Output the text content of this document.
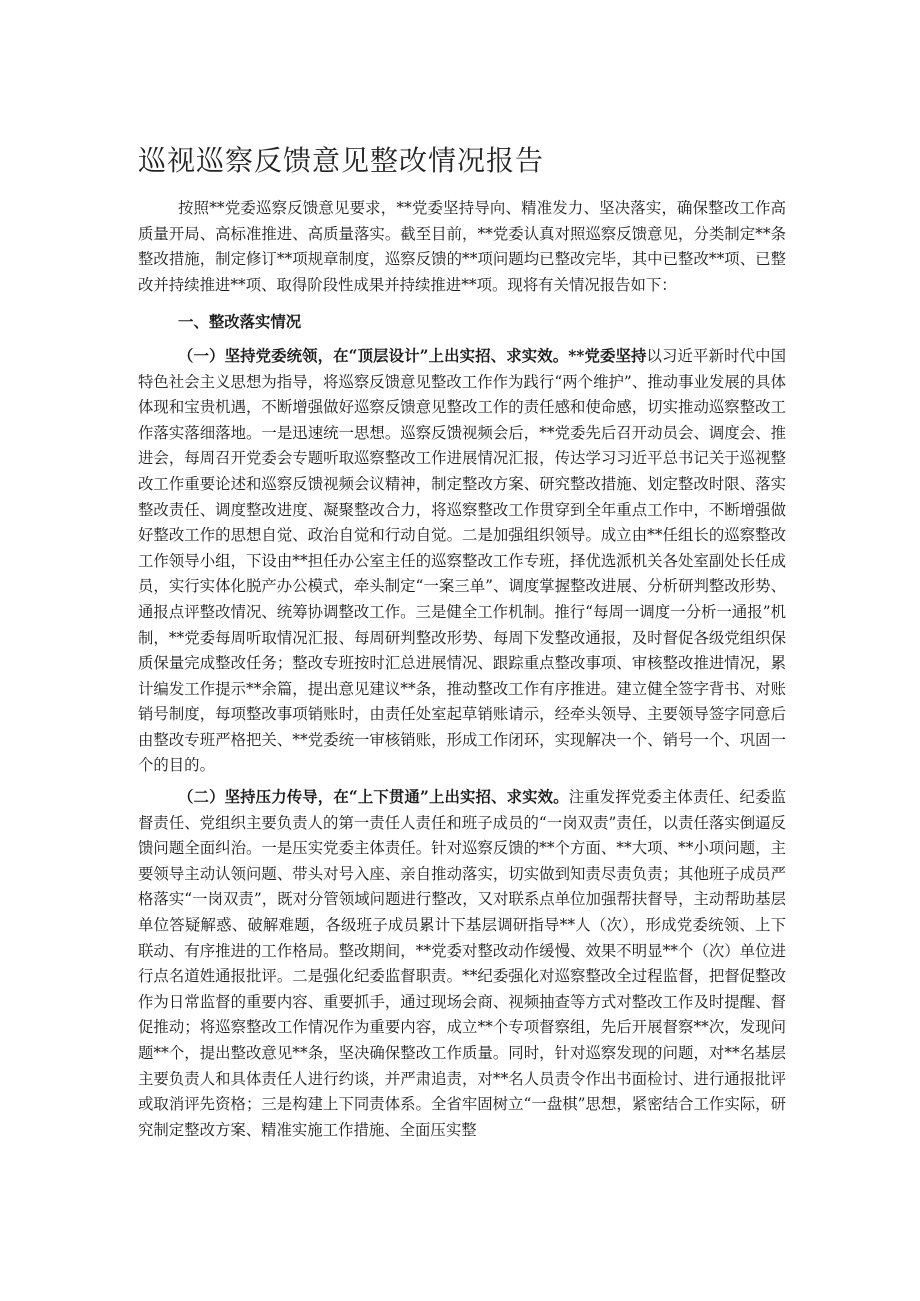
巡视巡察反馈意见整改情况报告

按照**党委巡察反馈意见要求，**党委坚持导向、精准发力、坚决落实，确保整改工作高质量开局、高标准推进、高质量落实。截至目前，**党委认真对照巡察反馈意见，分类制定**条整改措施，制定修订**项规章制度，巡察反馈的**项问题均已整改完毕，其中已整改**项、已整改并持续推进**项、取得阶段性成果并持续推进**项。现将有关情况报告如下：

一、整改落实情况

（一）坚持党委统领，在“顶层设计”上出实招、求实效。**党委坚持以习近平新时代中国特色社会主义思想为指导，将巡察反馈意见整改工作作为践行“两个维护”、推动事业发展的具体体现和宝贵机遇，不断增强做好巡察反馈意见整改工作的责任感和使命感，切实推动巡察整改工作落实落细落地。一是迅速统一思想。巡察反馈视频会后，**党委先后召开动员会、调度会、推进会，每周召开党委会专题听取巡察整改工作进展情况汇报，传达学习习近平总书记关于巡视整改工作重要论述和巡察反馈视频会议精神，制定整改方案、研究整改措施、划定整改时限、落实整改责任、调度整改进度、凝聚整改合力，将巡察整改工作贯穿到全年重点工作中，不断增强做好整改工作的思想自觉、政治自觉和行动自觉。二是加强组织领导。成立由**任组长的巡察整改工作领导小组，下设由**担任办公室主任的巡察整改工作专班，择优选派机关各处室副处长任成员，实行实体化脱产办公模式，牵头制定“一案三单”、调度掌握整改进展、分析研判整改形势、通报点评整改情况、统筹协调整改工作。三是健全工作机制。推行“每周一调度一分析一通报”机制，**党委每周听取情况汇报、每周研判整改形势、每周下发整改通报，及时督促各级党组织保质保量完成整改任务；整改专班按时汇总进展情况、跟踪重点整改事项、审核整改推进情况，累计编发工作提示**余篇，提出意见建议**条，推动整改工作有序推进。建立健全签字背书、对账销号制度，每项整改事项销账时，由责任处室起草销账请示，经牵头领导、主要领导签字同意后由整改专班严格把关、**党委统一审核销账，形成工作闭环，实现解决一个、销号一个、巩固一个的目的。

（二）坚持压力传导，在“上下贯通”上出实招、求实效。注重发挥党委主体责任、纪委监督责任、党组织主要负责人的第一责任人责任和班子成员的“一岗双责”责任，以责任落实倒逼反馈问题全面纠治。一是压实党委主体责任。针对巡察反馈的**个方面、**大项、**小项问题，主要领导主动认领问题、带头对号入座、亲自推动落实，切实做到知责尽责负责；其他班子成员严格落实“一岗双责”，既对分管领域问题进行整改，又对联系点单位加强帮扶督导，主动帮助基层单位答疑解惑、破解难题，各级班子成员累计下基层调研指导**人（次），形成党委统领、上下联动、有序推进的工作格局。整改期间，**党委对整改动作缓慢、效果不明显**个（次）单位进行点名道姓通报批评。二是强化纪委监督职责。**纪委强化对巡察整改全过程监督，把督促整改作为日常监督的重要内容、重要抓手，通过现场会商、视频抽查等方式对整改工作及时提醒、督促推动；将巡察整改工作情况作为重要内容，成立**个专项督察组，先后开展督察**次，发现问题**个，提出整改意见**条，坚决确保整改工作质量。同时，针对巡察发现的问题，对**名基层主要负责人和具体责任人进行约谈，并严肃追责，对**名人员责令作出书面检讨、进行通报批评或取消评先资格；三是构建上下同责体系。全省牢固树立“一盘棋”思想，紧密结合工作实际，研究制定整改方案、精准实施工作措施、全面压实整
